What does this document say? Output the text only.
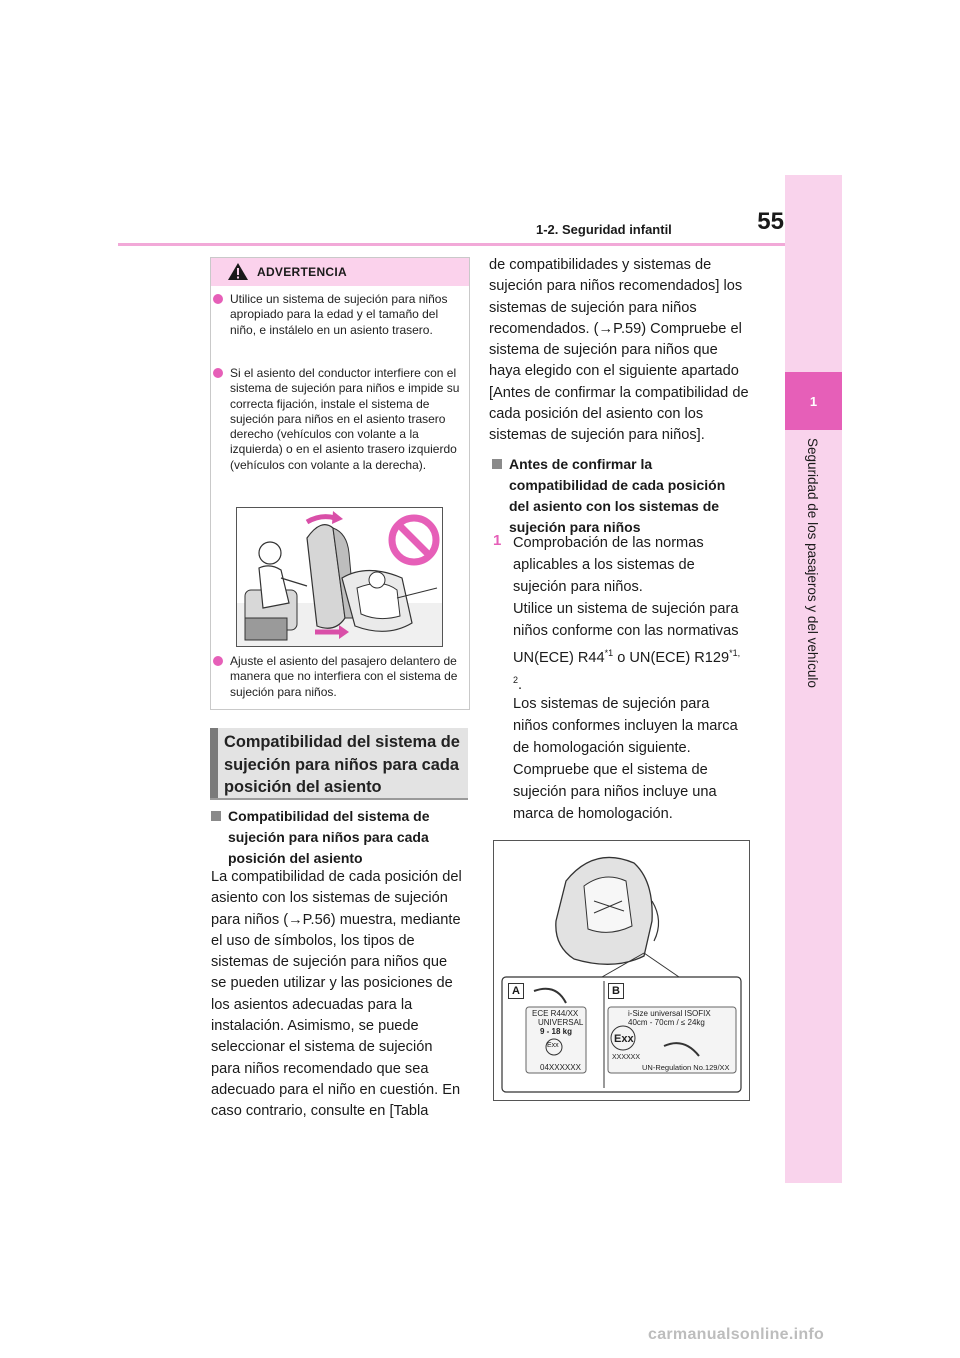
55
1-2. Seguridad infantil
1
Seguridad de los pasajeros y del vehículo
ADVERTENCIA

Utilice un sistema de sujeción para niños apropiado para la edad y el tamaño del niño, e instálelo en un asiento trasero.

Si el asiento del conductor interfiere con el sistema de sujeción para niños e impide su correcta fijación, instale el sistema de sujeción para niños en el asiento trasero derecho (vehículos con volante a la izquierda) o en el asiento trasero izquierdo (vehículos con volante a la derecha).

Ajuste el asiento del pasajero delantero de manera que no interfiera con el sistema de sujeción para niños.

Compatibilidad del sistema de sujeción para niños para cada posición del asiento
Compatibilidad del sistema de sujeción para niños para cada posición del asiento

La compatibilidad de cada posición del asiento con los sistemas de sujeción para niños (→P.56) muestra, mediante el uso de símbolos, los tipos de sistemas de sujeción para niños que se pueden utilizar y las posiciones de los asientos adecuadas para la instalación. Asimismo, se puede seleccionar el sistema de sujeción para niños recomendado que sea adecuado para el niño en cuestión. En caso contrario, consulte en [Tabla

de compatibilidades y sistemas de sujeción para niños recomendados] los sistemas de sujeción para niños recomendados. (→P.59) Compruebe el sistema de sujeción para niños que haya elegido con el siguiente apartado [Antes de confirmar la compatibilidad de cada posición del asiento con los sistemas de sujeción para niños].

Antes de confirmar la compatibilidad de cada posición del asiento con los sistemas de sujeción para niños
1 Comprobación de las normas aplicables a los sistemas de sujeción para niños.

Utilice un sistema de sujeción para niños conforme con las normativas UN(ECE) R44$^{*1}$ o UN(ECE) R129$^{*1, 2}$.

Los sistemas de sujeción para niños conformes incluyen la marca de homologación siguiente. Compruebe que el sistema de sujeción para niños incluye una marca de homologación.

A	B
ECE R44/XX
UNIVERSAL
9 - 18 kg
Exx
04XXXXXX
i-Size universal ISOFIX
40cm - 70cm / ≤ 24kg
Exx
XXXXXX
UN-Regulation No.129/XX
carmanualsonline.info
